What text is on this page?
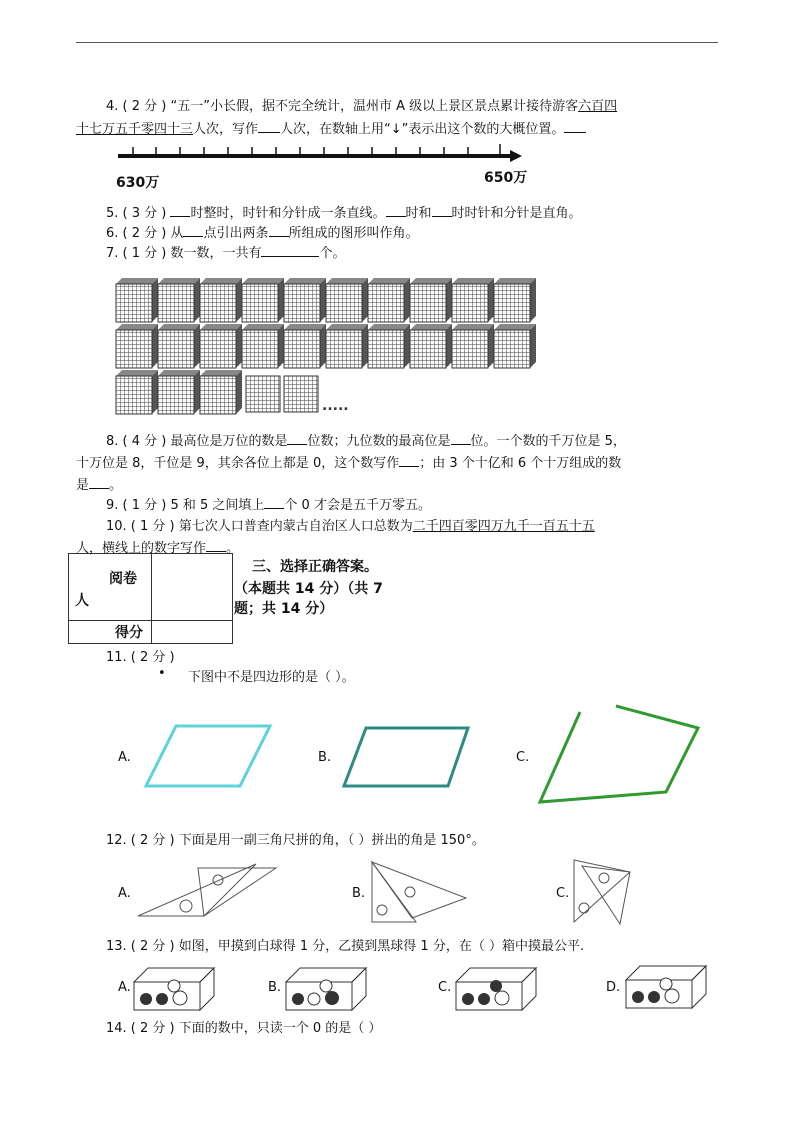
4. ( 2 分 ) “五一”小长假，据不完全统计，温州市 A 级以上景区景点累计接待游客六百四
十七万五千零四十三人次，写作 人次，在数轴上用“↓”表示出这个数的大概位置。
630万	650万
5. ( 3 分 ) 时整时，时针和分针成一条直线。 时和 时时针和分针是直角。
6. ( 2 分 ) 从 点引出两条 所组成的图形叫作角。
7. ( 1 分 ) 数一数，一共有	个。
.....
8. ( 4 分 ) 最高位是万位的数是 位数；九位数的最高位是 位。一个数的千万位是 5，
十万位是 8，千位是 9，其余各位上都是 0，这个数写作 ；由 3 个十亿和 6 个十万组成的数
是 。
9. ( 1 分 ) 5 和 5 之间填上 个 0 才会是五千万零五。
10. ( 1 分 ) 第七次人口普查内蒙古自治区人口总数为二千四百零四万九千一百五十五
人，横线上的数字写作 。
阅卷
人	

得分	
三、选择正确答案。
（本题共 14 分）（共 7
题；共 14 分）
11. ( 2 分 )
• 下图中不是四边形的是（ ）。
A.	B.	C.
12. ( 2 分 ) 下面是用一副三角尺拼的角，（ ）拼出的角是 150°。
A.	B.	C.
13. ( 2 分 ) 如图，甲摸到白球得 1 分，乙摸到黑球得 1 分，在（ ）箱中摸最公平.
A.	B.	C.	D.
14. ( 2 分 ) 下面的数中，只读一个 0 的是（ ）
